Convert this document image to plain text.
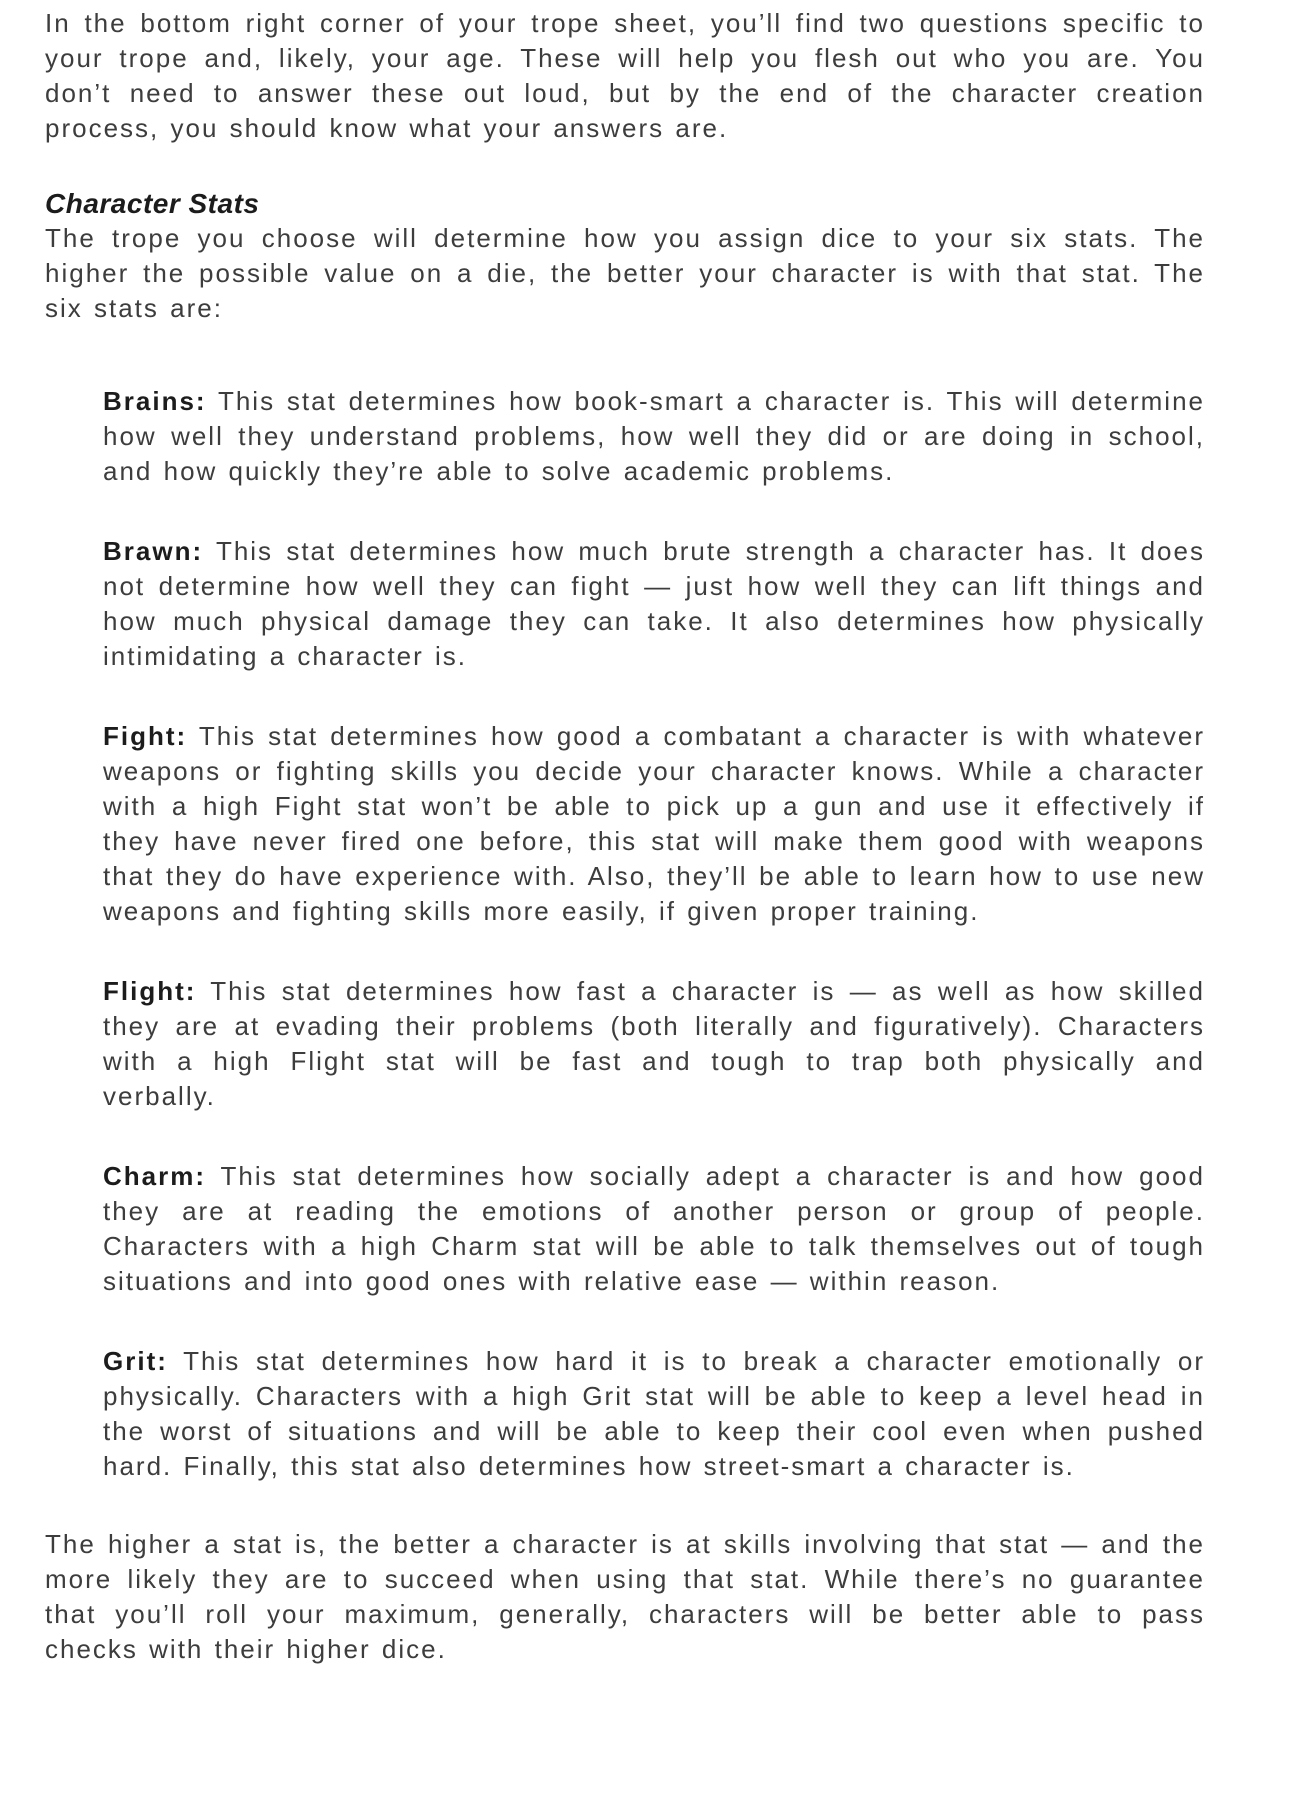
In the bottom right corner of your trope sheet, you’ll find two questions specific to your trope and, likely, your age. These will help you flesh out who you are. You don’t need to answer these out loud, but by the end of the character creation process, you should know what your answers are.

Character Stats

The trope you choose will determine how you assign dice to your six stats. The higher the possible value on a die, the better your character is with that stat. The six stats are:

Brains: This stat determines how book-smart a character is. This will determine how well they understand problems, how well they did or are doing in school, and how quickly they’re able to solve academic problems.

Brawn: This stat determines how much brute strength a character has. It does not determine how well they can fight — just how well they can lift things and how much physical damage they can take. It also determines how physically intimidating a character is.

Fight: This stat determines how good a combatant a character is with whatever weapons or fighting skills you decide your character knows. While a character with a high Fight stat won’t be able to pick up a gun and use it effectively if they have never fired one before, this stat will make them good with weapons that they do have experience with. Also, they’ll be able to learn how to use new weapons and fighting skills more easily, if given proper training.

Flight: This stat determines how fast a character is — as well as how skilled they are at evading their problems (both literally and figuratively). Characters with a high Flight stat will be fast and tough to trap both physically and verbally.

Charm: This stat determines how socially adept a character is and how good they are at reading the emotions of another person or group of people. Characters with a high Charm stat will be able to talk themselves out of tough situations and into good ones with relative ease — within reason.

Grit: This stat determines how hard it is to break a character emotionally or physically. Characters with a high Grit stat will be able to keep a level head in the worst of situations and will be able to keep their cool even when pushed hard. Finally, this stat also determines how street-smart a character is.

The higher a stat is, the better a character is at skills involving that stat — and the more likely they are to succeed when using that stat. While there’s no guarantee that you’ll roll your maximum, generally, characters will be better able to pass checks with their higher dice.
